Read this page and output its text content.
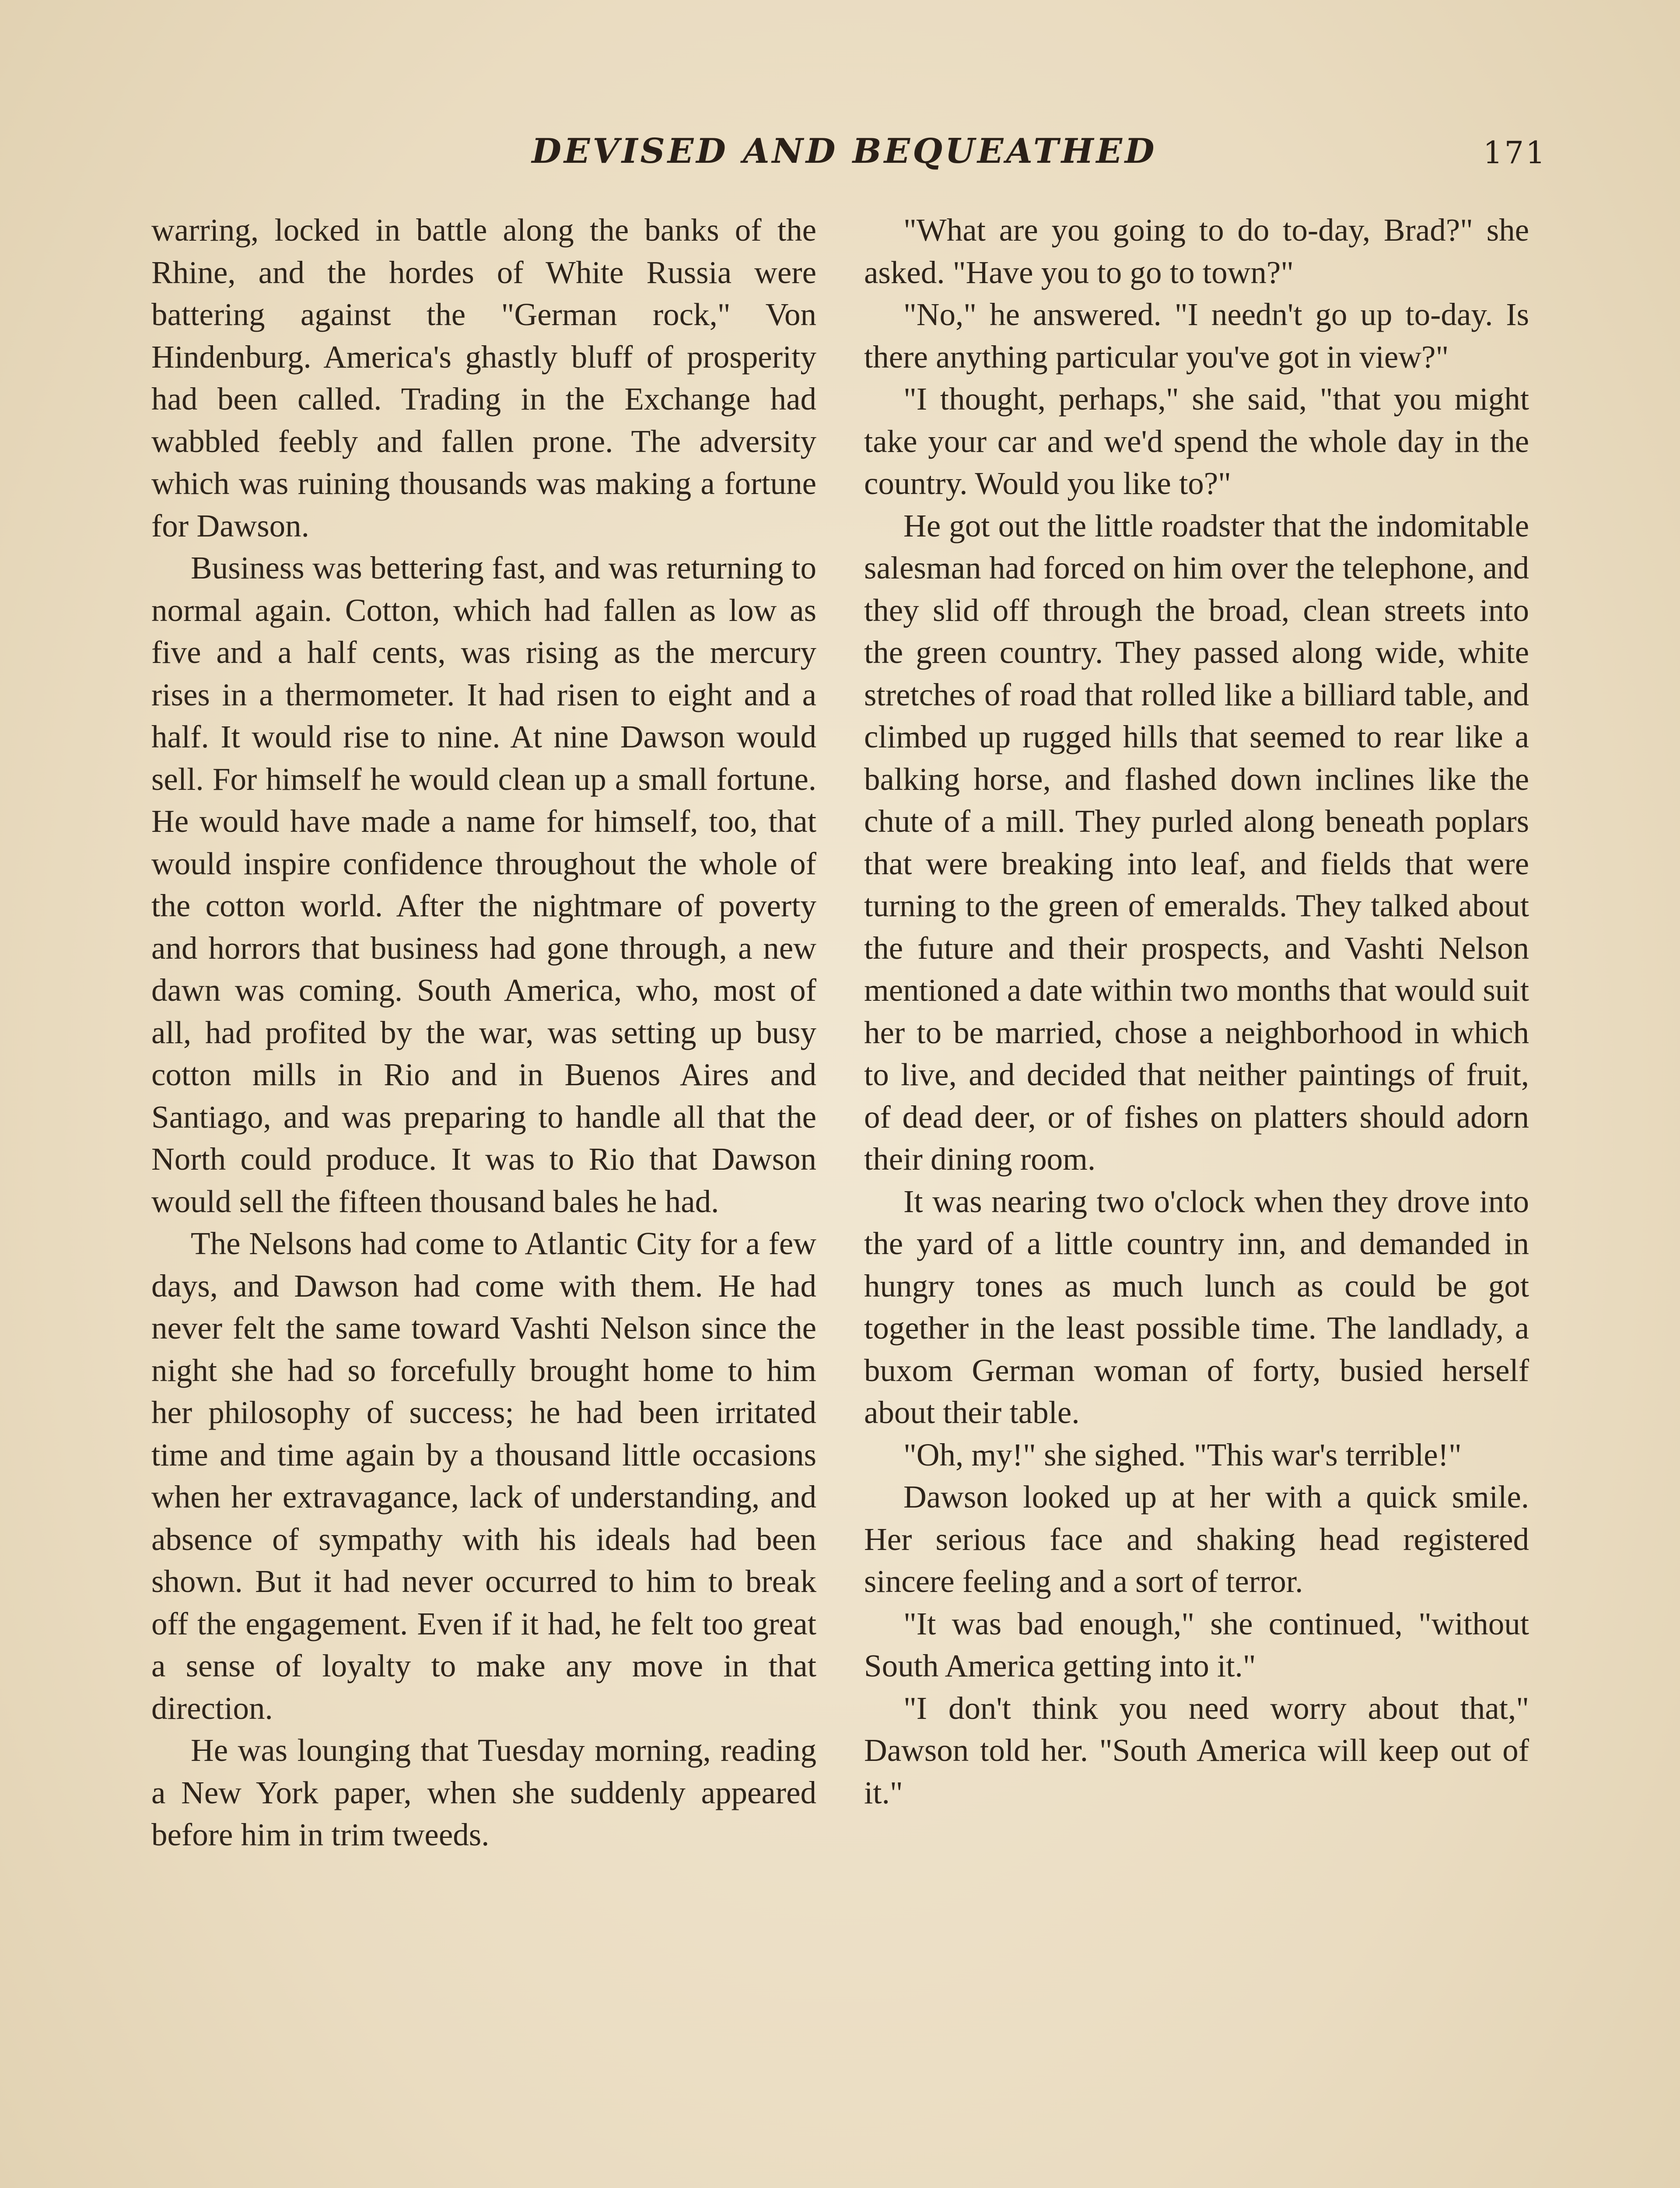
DEVISED AND BEQUEATHED	171

warring, locked in battle along the banks of the Rhine, and the hordes of White Russia were battering against the "German rock," Von Hindenburg. America's ghastly bluff of prosperity had been called. Trading in the Exchange had wabbled feebly and fallen prone. The adversity which was ruining thousands was making a fortune for Dawson.

Business was bettering fast, and was returning to normal again. Cotton, which had fallen as low as five and a half cents, was rising as the mercury rises in a thermometer. It had risen to eight and a half. It would rise to nine. At nine Dawson would sell. For himself he would clean up a small fortune. He would have made a name for himself, too, that would inspire confidence throughout the whole of the cotton world. After the nightmare of poverty and horrors that business had gone through, a new dawn was coming. South America, who, most of all, had profited by the war, was setting up busy cotton mills in Rio and in Buenos Aires and Santiago, and was preparing to handle all that the North could produce. It was to Rio that Dawson would sell the fifteen thousand bales he had.

The Nelsons had come to Atlantic City for a few days, and Dawson had come with them. He had never felt the same toward Vashti Nelson since the night she had so forcefully brought home to him her philosophy of success; he had been irritated time and time again by a thousand little occasions when her extravagance, lack of understanding, and absence of sympathy with his ideals had been shown. But it had never occurred to him to break off the engagement. Even if it had, he felt too great a sense of loyalty to make any move in that direction.

He was lounging that Tuesday morning, reading a New York paper, when she suddenly appeared before him in trim tweeds.

"What are you going to do to-day, Brad?" she asked. "Have you to go to town?"

"No," he answered. "I needn't go up to-day. Is there anything particular you've got in view?"

"I thought, perhaps," she said, "that you might take your car and we'd spend the whole day in the country. Would you like to?"

He got out the little roadster that the indomitable salesman had forced on him over the telephone, and they slid off through the broad, clean streets into the green country. They passed along wide, white stretches of road that rolled like a billiard table, and climbed up rugged hills that seemed to rear like a balking horse, and flashed down inclines like the chute of a mill. They purled along beneath poplars that were breaking into leaf, and fields that were turning to the green of emeralds. They talked about the future and their prospects, and Vashti Nelson mentioned a date within two months that would suit her to be married, chose a neighborhood in which to live, and decided that neither paintings of fruit, of dead deer, or of fishes on platters should adorn their dining room.

It was nearing two o'clock when they drove into the yard of a little country inn, and demanded in hungry tones as much lunch as could be got together in the least possible time. The landlady, a buxom German woman of forty, busied herself about their table.

"Oh, my!" she sighed. "This war's terrible!"

Dawson looked up at her with a quick smile. Her serious face and shaking head registered sincere feeling and a sort of terror.

"It was bad enough," she continued, "without South America getting into it."

"I don't think you need worry about that," Dawson told her. "South America will keep out of it."
